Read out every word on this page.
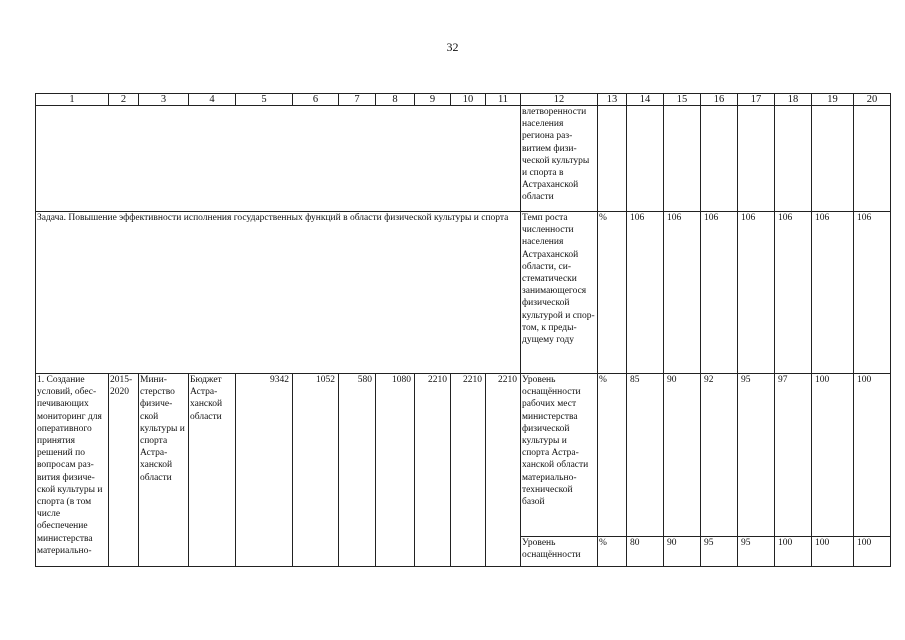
32
1	2	3	4	5	6	7	8	9	10	11	12	13	14	15	16	17	18	19	20
											влетворенности населения региона развитием физической культуры и спорта в Астраханской области								
Задача. Повышение эффективности исполнения государственных функций в области физической культуры и спорта											Темп роста численности населения Астраханской области, систематически занимающегося физической культурой и спортом, к предыдущему году	%	106	106	106	106	106	106	106
1. Создание условий, обеспечивающих мониторинг для оперативного принятия решений по вопросам развития физической культуры и спорта (в том числе обеспечение министерства материально-	2015-2020	Министерство физической культуры и спорта Астраханской области	Бюджет Астраханской области	9342	1052	580	1080	2210	2210	2210	Уровень оснащённости рабочих мест министерства физической культуры и спорта Астраханской области материально-технической базой	%	85	90	92	95	97	100	100
											Уровень оснащённости	%	80	90	95	95	100	100	100
